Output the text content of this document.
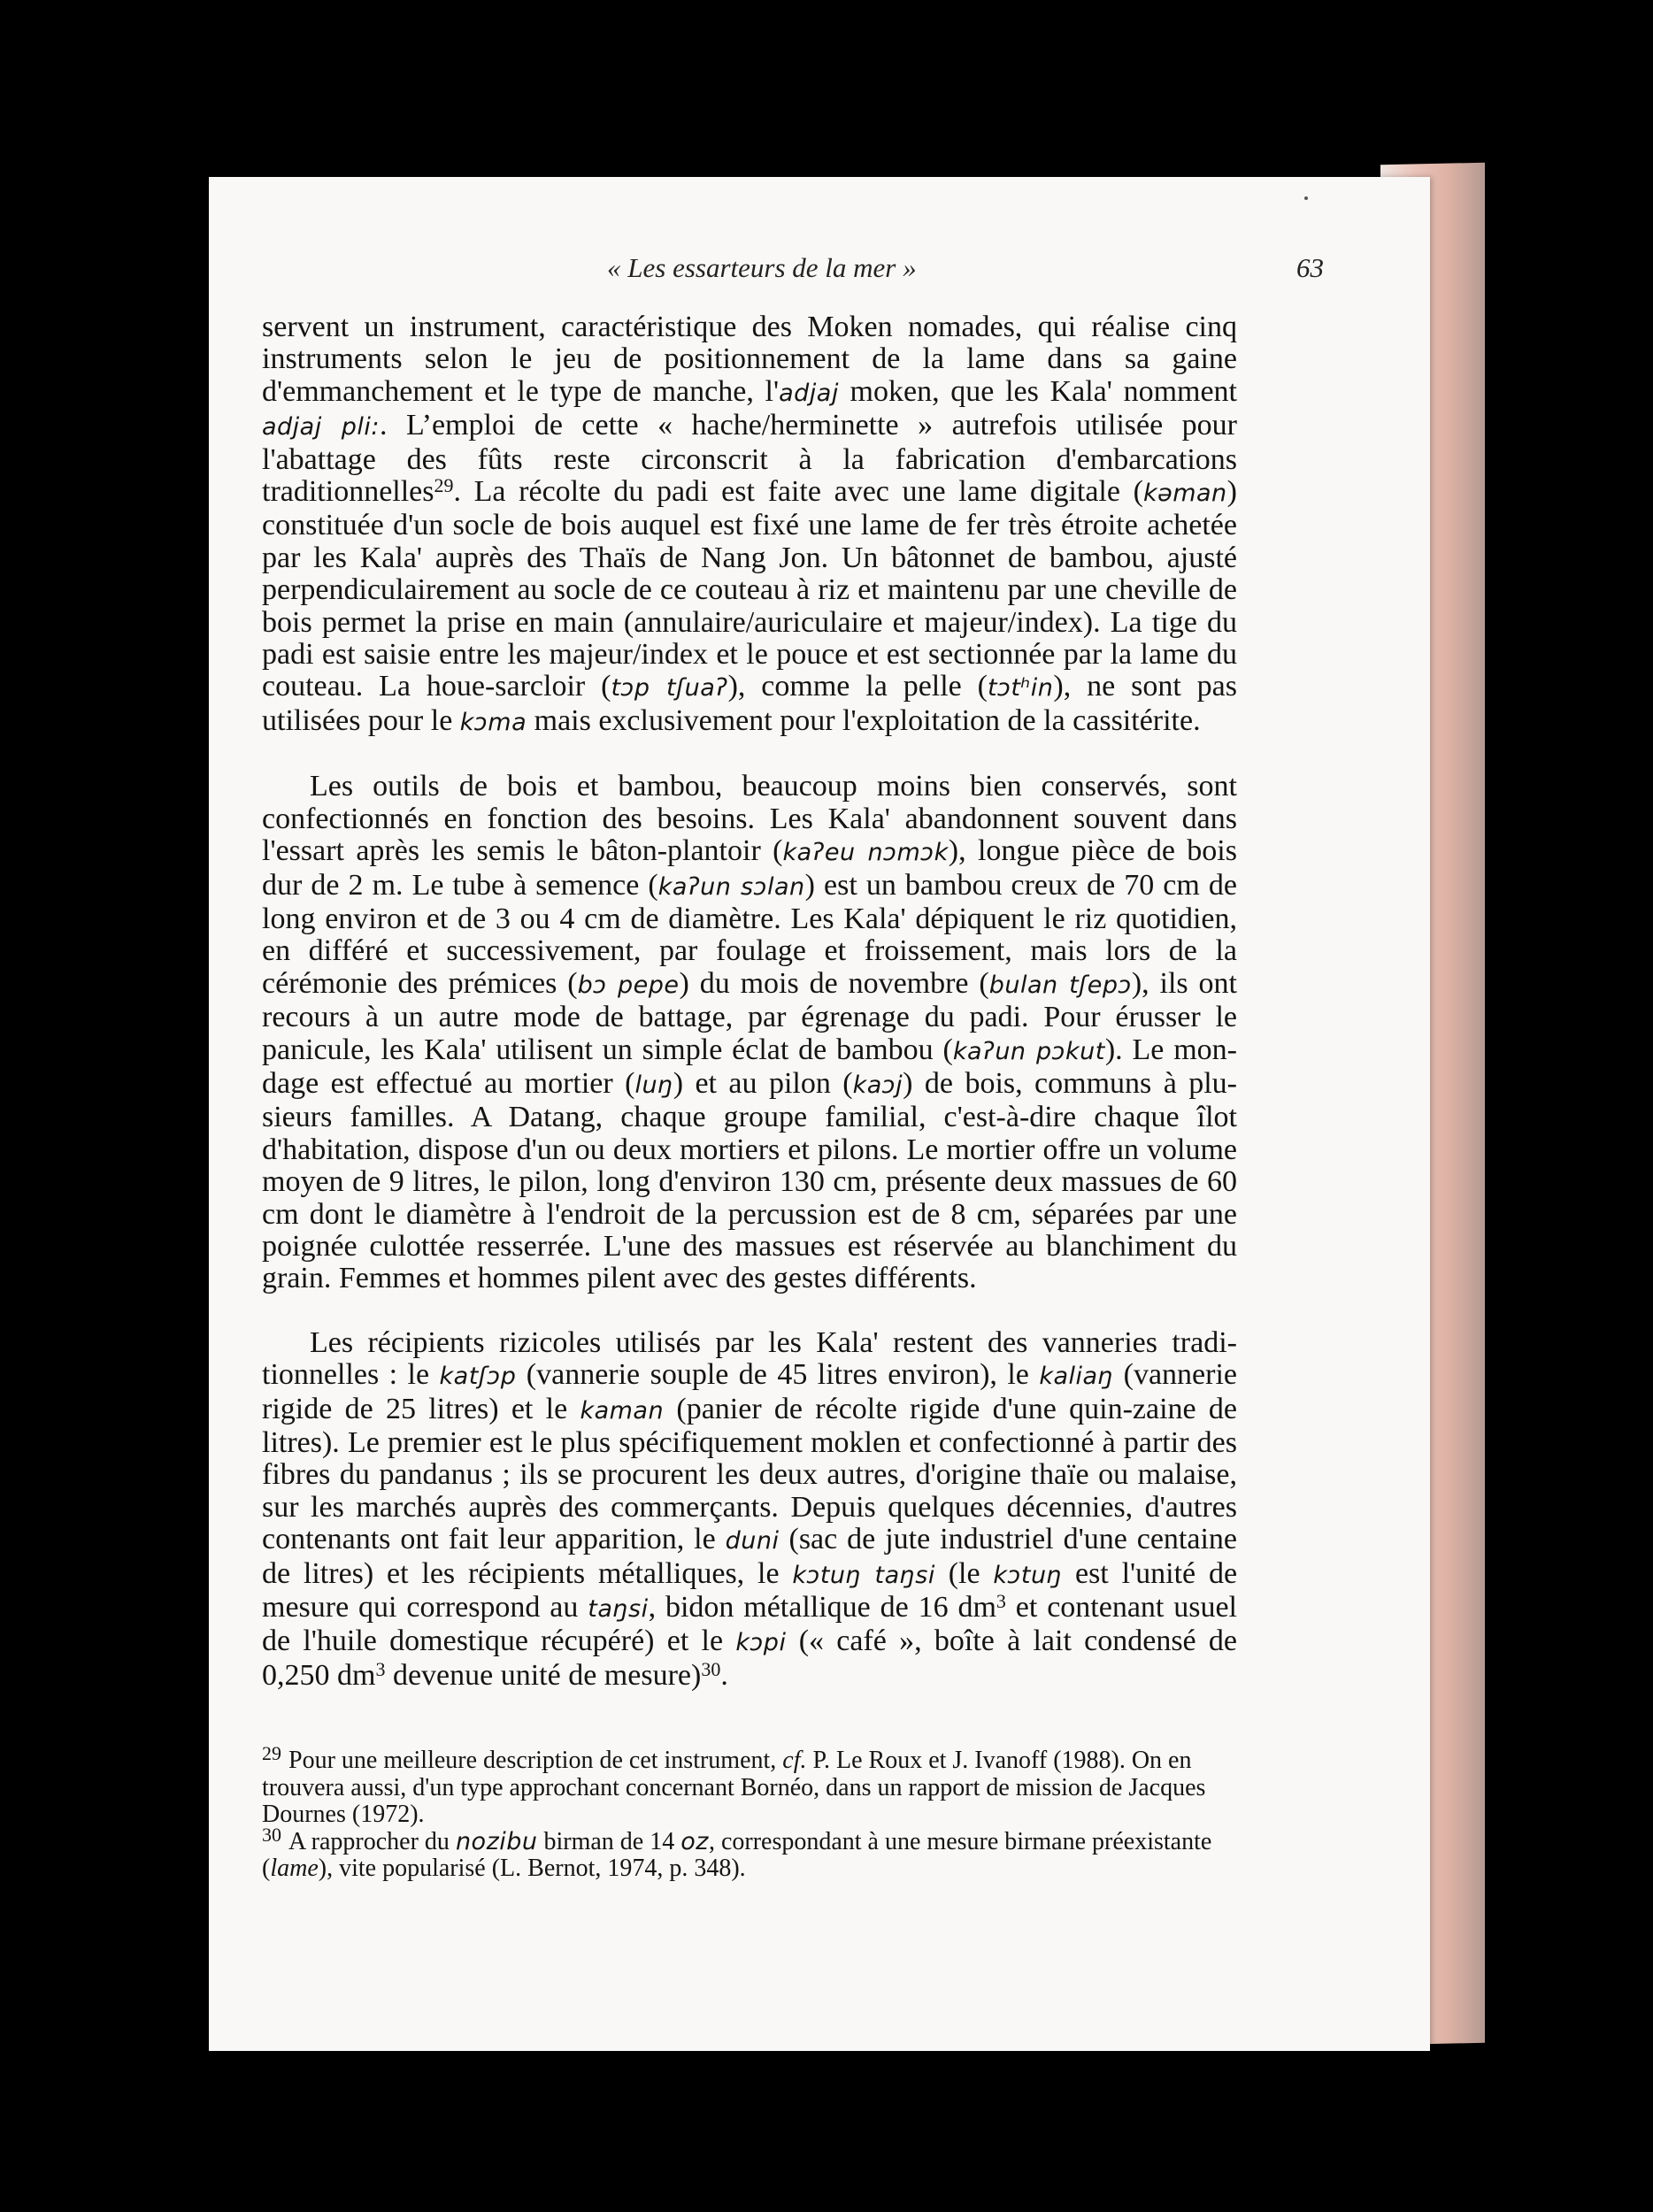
« Les essarteurs de la mer »	63

servent un instrument, caractéristique des Moken nomades, qui réalise cinq instruments selon le jeu de positionnement de la lame dans sa gaine d'emmanchement et le type de manche, l'adjaj moken, que les Kala' nomment adjaj pli:. L’emploi de cette « hache/herminette » autrefois utilisée pour l'abattage des fûts reste circonscrit à la fabrication d'embarcations traditionnelles$^{29}$. La récolte du padi est faite avec une lame digitale (kəman) constituée d'un socle de bois auquel est fixé une lame de fer très étroite achetée par les Kala' auprès des Thaïs de Nang Jon. Un bâtonnet de bambou, ajusté perpendiculairement au socle de ce couteau à riz et maintenu par une cheville de bois permet la prise en main (annulaire/auriculaire et majeur/index). La tige du padi est saisie entre les majeur/index et le pouce et est sectionnée par la lame du couteau. La houe-sarcloir (tɔp tʃuaʔ), comme la pelle (tɔtʰin), ne sont pas utilisées pour le kɔma mais exclusivement pour l'exploitation de la cassitérite.

Les outils de bois et bambou, beaucoup moins bien conservés, sont confectionnés en fonction des besoins. Les Kala' abandonnent souvent dans l'essart après les semis le bâton-plantoir (kaʔeu nɔmɔk), longue pièce de bois dur de 2 m. Le tube à semence (kaʔun sɔlan) est un bambou creux de 70 cm de long environ et de 3 ou 4 cm de diamètre. Les Kala' dépiquent le riz quotidien, en différé et successivement, par foulage et froissement, mais lors de la cérémonie des prémices (bɔ pepe) du mois de novembre (bulan tʃepɔ), ils ont recours à un autre mode de battage, par égrenage du padi. Pour érusser le panicule, les Kala' utilisent un simple éclat de bambou (kaʔun pɔkut). Le mon-dage est effectué au mortier (luŋ) et au pilon (kaɔj) de bois, communs à plu-sieurs familles. A Datang, chaque groupe familial, c'est-à-dire chaque îlot d'habitation, dispose d'un ou deux mortiers et pilons. Le mortier offre un volume moyen de 9 litres, le pilon, long d'environ 130 cm, présente deux massues de 60 cm dont le diamètre à l'endroit de la percussion est de 8 cm, séparées par une poignée culottée resserrée. L'une des massues est réservée au blanchiment du grain. Femmes et hommes pilent avec des gestes différents.

Les récipients rizicoles utilisés par les Kala' restent des vanneries tradi-tionnelles : le katʃɔp (vannerie souple de 45 litres environ), le kaliaŋ (vannerie rigide de 25 litres) et le kaman (panier de récolte rigide d'une quin-zaine de litres). Le premier est le plus spécifiquement moklen et confectionné à partir des fibres du pandanus ; ils se procurent les deux autres, d'origine thaïe ou malaise, sur les marchés auprès des commerçants. Depuis quelques décennies, d'autres contenants ont fait leur apparition, le duni (sac de jute industriel d'une centaine de litres) et les récipients métalliques, le kɔtuŋ taŋsi (le kɔtuŋ est l'unité de mesure qui correspond au taŋsi, bidon métallique de 16 dm$^3$ et contenant usuel de l'huile domestique récupéré) et le kɔpi (« café », boîte à lait condensé de 0,250 dm$^3$ devenue unité de mesure)$^{30}$.

$^{29}$ Pour une meilleure description de cet instrument, cf. P. Le Roux et J. Ivanoff (1988). On en trouvera aussi, d'un type approchant concernant Bornéo, dans un rapport de mission de Jacques Dournes (1972).

$^{30}$ A rapprocher du nozibu birman de 14 oz, correspondant à une mesure birmane préexistante (lame), vite popularisé (L. Bernot, 1974, p. 348).
